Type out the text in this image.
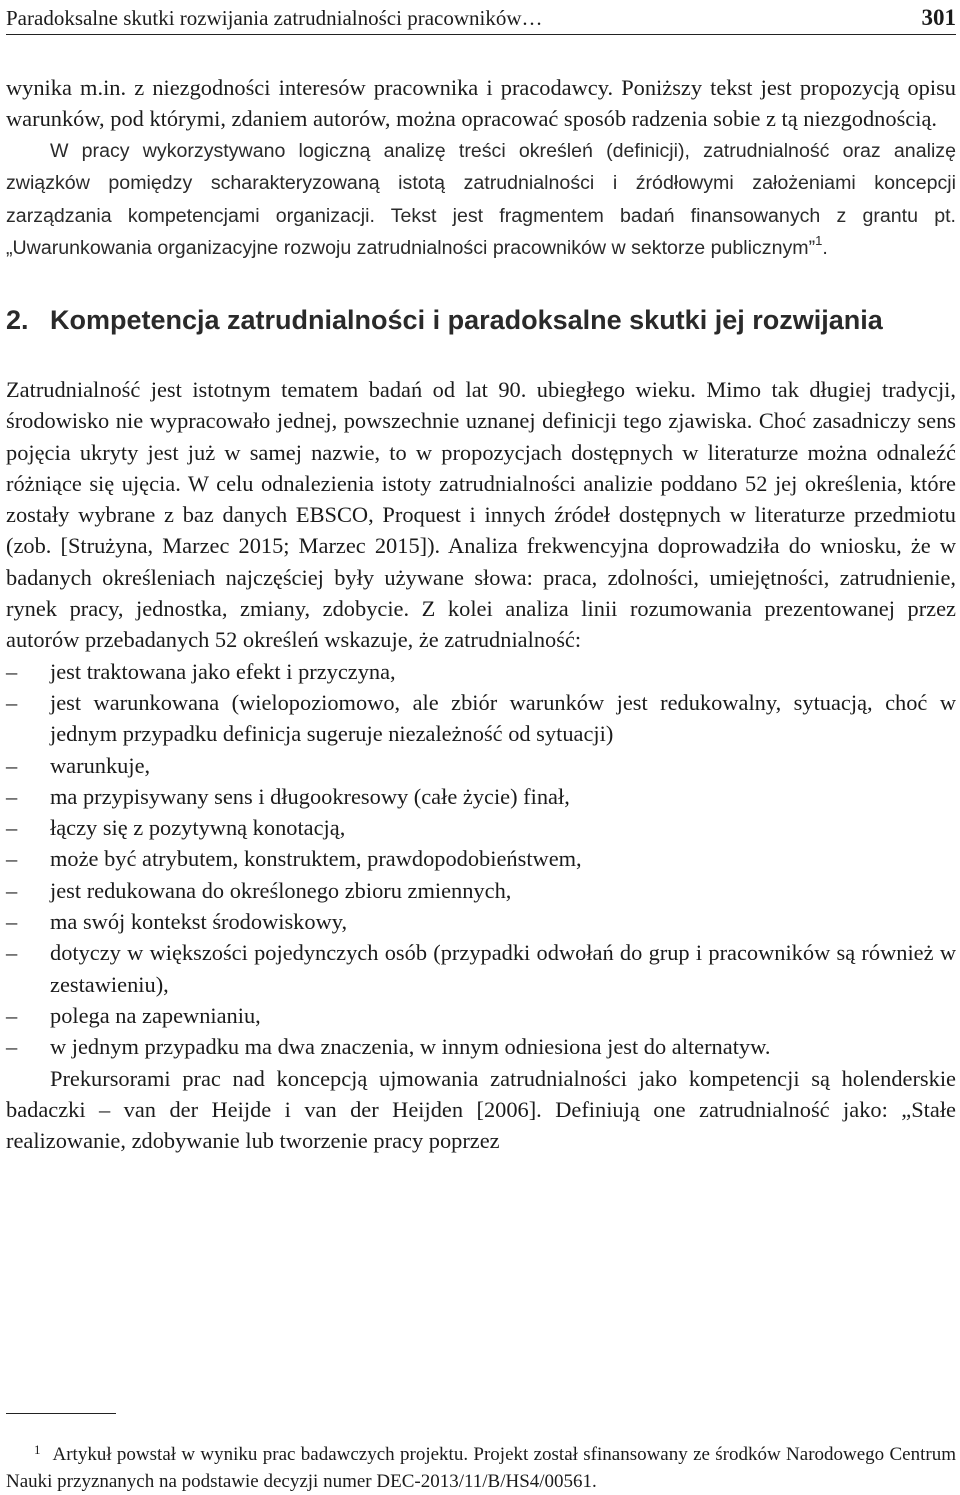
Paradoksalne skutki rozwijania zatrudnialności pracowników…	301

wynika m.in. z niezgodności interesów pracownika i pracodawcy. Poniższy tekst jest propozycją opisu warunków, pod którymi, zdaniem autorów, można opracować sposób radzenia sobie z tą niezgodnością.

W pracy wykorzystywano logiczną analizę treści określeń (definicji), zatrudnialność oraz analizę związków pomiędzy scharakteryzowaną istotą zatrudnialności i źródłowymi założeniami koncepcji zarządzania kompetencjami organizacji. Tekst jest fragmentem badań finansowanych z grantu pt. „Uwarunkowania organizacyjne rozwoju zatrudnialności pracowników w sektorze publicznym”$^1$.

2. Kompetencja zatrudnialności i paradoksalne skutki jej rozwijania

Zatrudnialność jest istotnym tematem badań od lat 90. ubiegłego wieku. Mimo tak długiej tradycji, środowisko nie wypracowało jednej, powszechnie uznanej definicji tego zjawiska. Choć zasadniczy sens pojęcia ukryty jest już w samej nazwie, to w propozycjach dostępnych w literaturze można odnaleźć różniące się ujęcia. W celu odnalezienia istoty zatrudnialności analizie poddano 52 jej określenia, które zostały wybrane z baz danych EBSCO, Proquest i innych źródeł dostępnych w literaturze przedmiotu (zob. [Strużyna, Marzec 2015; Marzec 2015]). Analiza frekwencyjna doprowadziła do wniosku, że w badanych określeniach najczęściej były używane słowa: praca, zdolności, umiejętności, zatrudnienie, rynek pracy, jednostka, zmiany, zdobycie. Z kolei analiza linii rozumowania prezentowanej przez autorów przebadanych 52 określeń wskazuje, że zatrudnialność:

–	jest traktowana jako efekt i przyczyna,
–	jest warunkowana (wielopoziomowo, ale zbiór warunków jest redukowalny, sytuacją, choć w jednym przypadku definicja sugeruje niezależność od sytuacji)
–	warunkuje,
–	ma przypisywany sens i długookresowy (całe życie) finał,
–	łączy się z pozytywną konotacją,
–	może być atrybutem, konstruktem, prawdopodobieństwem,
–	jest redukowana do określonego zbioru zmiennych,
–	ma swój kontekst środowiskowy,
–	dotyczy w większości pojedynczych osób (przypadki odwołań do grup i pracowników są również w zestawieniu),
–	polega na zapewnianiu,
–	w jednym przypadku ma dwa znaczenia, w innym odniesiona jest do alternatyw.

Prekursorami prac nad koncepcją ujmowania zatrudnialności jako kompetencji są holenderskie badaczki – van der Heijde i van der Heijden [2006]. Definiują one zatrudnialność jako: „Stałe realizowanie, zdobywanie lub tworzenie pracy poprzez

1 Artykuł powstał w wyniku prac badawczych projektu. Projekt został sfinansowany ze środków Narodowego Centrum Nauki przyznanych na podstawie decyzji numer DEC-2013/11/B/HS4/00561.
